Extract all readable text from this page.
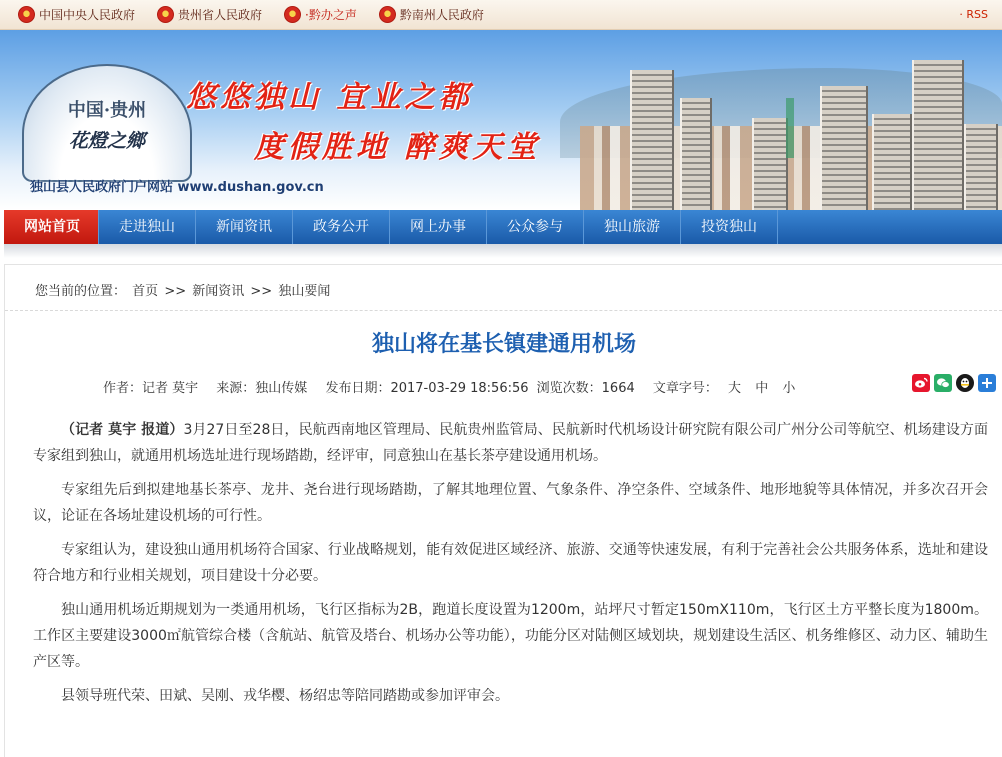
中国中央人民政府	贵州省人民政府	·黔办之声	黔南州人民政府	· RSS
中国·贵州
花燈之鄉
悠悠独山 宜业之都
度假胜地 醉爽天堂
独山县人民政府门户网站 www.dushan.gov.cn
网站首页	走进独山	新闻资讯	政务公开	网上办事	公众参与	独山旅游	投资独山
您当前的位置： 首页 >> 新闻资讯 >> 独山要闻
独山将在基长镇建通用机场
作者：记者 莫宇 来源：独山传媒 发布日期：2017-03-29 18:56:56 浏览次数：1664 文章字号： 大 中 小

（记者 莫宇 报道）3月27日至28日，民航西南地区管理局、民航贵州监管局、民航新时代机场设计研究院有限公司广州分公司等航空、机场建设方面专家组到独山，就通用机场选址进行现场踏勘，经评审，同意独山在基长茶亭建设通用机场。

专家组先后到拟建地基长茶亭、龙井、尧台进行现场踏勘，了解其地理位置、气象条件、净空条件、空域条件、地形地貌等具体情况，并多次召开会议，论证在各场址建设机场的可行性。

专家组认为，建设独山通用机场符合国家、行业战略规划，能有效促进区域经济、旅游、交通等快速发展，有利于完善社会公共服务体系，选址和建设符合地方和行业相关规划，项目建设十分必要。

独山通用机场近期规划为一类通用机场，飞行区指标为2B，跑道长度设置为1200m，站坪尺寸暂定150mX110m，飞行区土方平整长度为1800m。工作区主要建设3000㎡航管综合楼（含航站、航管及塔台、机场办公等功能），功能分区对陆侧区域划块，规划建设生活区、机务维修区、动力区、辅助生产区等。

县领导班代荣、田斌、吴刚、戎华樱、杨绍忠等陪同踏勘或参加评审会。
